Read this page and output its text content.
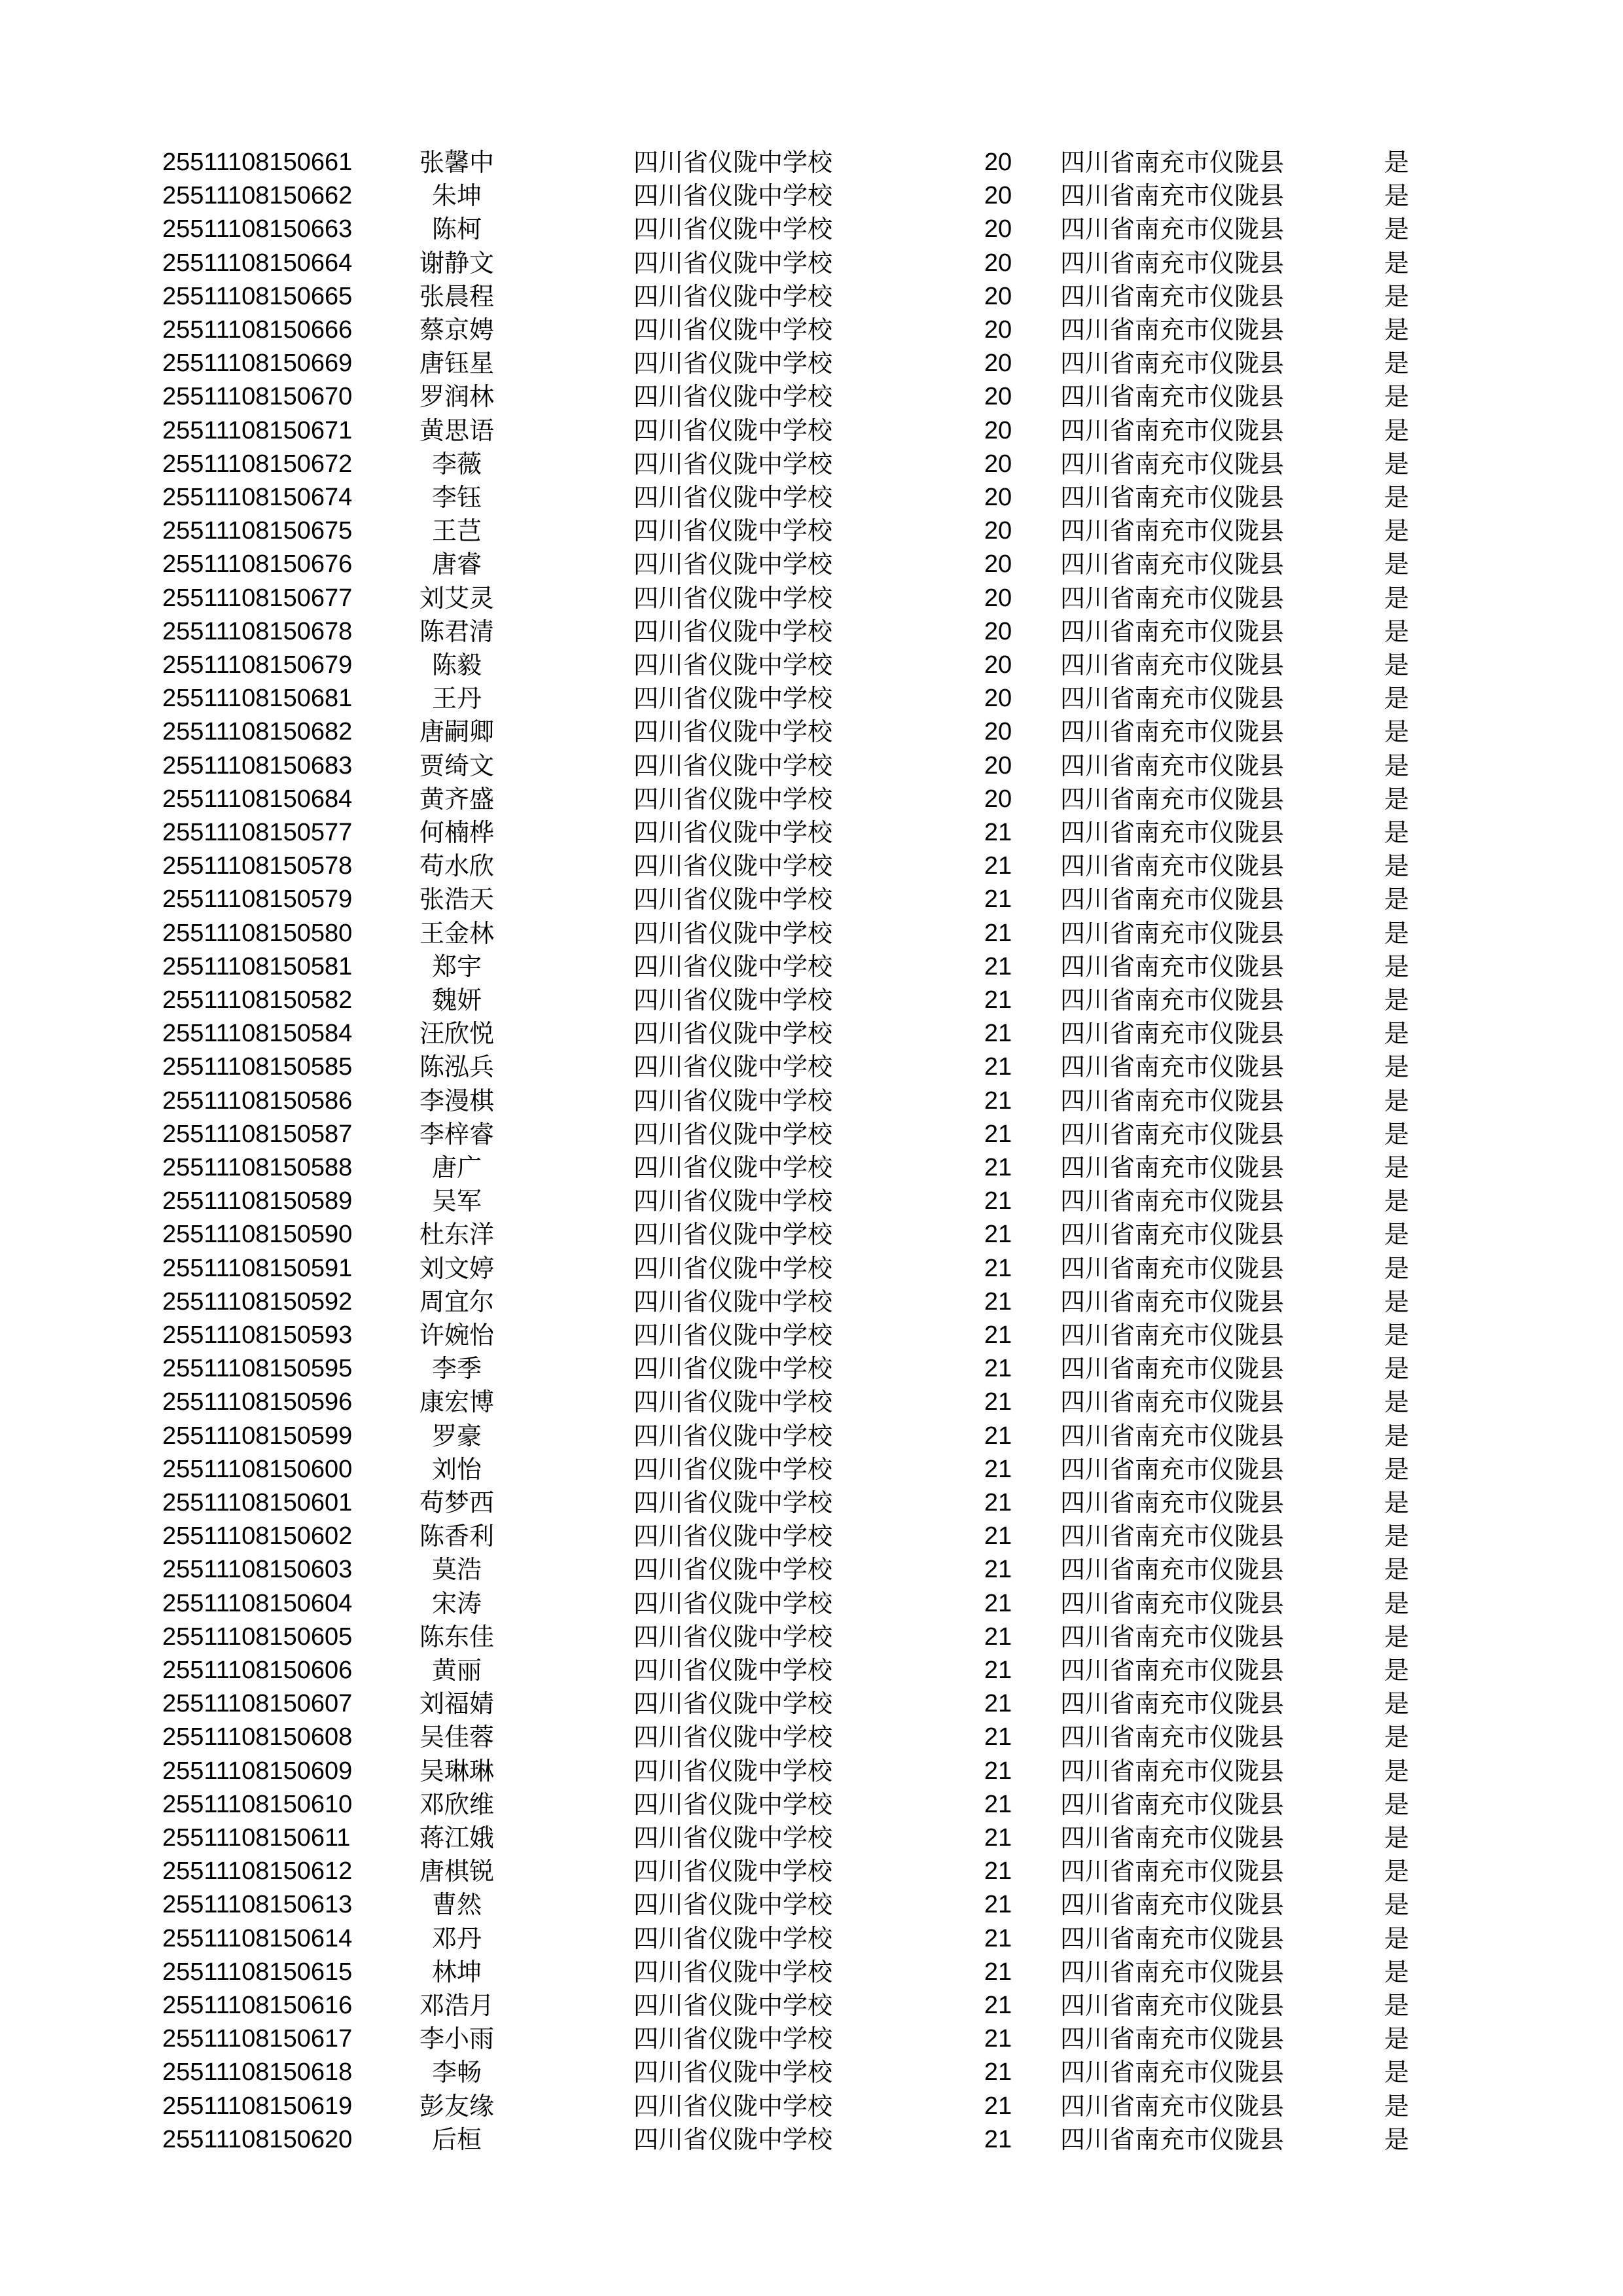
25511108150661	张馨中	四川省仪陇中学校	20	四川省南充市仪陇县	是
25511108150662	朱坤	四川省仪陇中学校	20	四川省南充市仪陇县	是
25511108150663	陈柯	四川省仪陇中学校	20	四川省南充市仪陇县	是
25511108150664	谢静文	四川省仪陇中学校	20	四川省南充市仪陇县	是
25511108150665	张晨程	四川省仪陇中学校	20	四川省南充市仪陇县	是
25511108150666	蔡京娉	四川省仪陇中学校	20	四川省南充市仪陇县	是
25511108150669	唐钰星	四川省仪陇中学校	20	四川省南充市仪陇县	是
25511108150670	罗润林	四川省仪陇中学校	20	四川省南充市仪陇县	是
25511108150671	黄思语	四川省仪陇中学校	20	四川省南充市仪陇县	是
25511108150672	李薇	四川省仪陇中学校	20	四川省南充市仪陇县	是
25511108150674	李钰	四川省仪陇中学校	20	四川省南充市仪陇县	是
25511108150675	王芑	四川省仪陇中学校	20	四川省南充市仪陇县	是
25511108150676	唐睿	四川省仪陇中学校	20	四川省南充市仪陇县	是
25511108150677	刘艾灵	四川省仪陇中学校	20	四川省南充市仪陇县	是
25511108150678	陈君清	四川省仪陇中学校	20	四川省南充市仪陇县	是
25511108150679	陈毅	四川省仪陇中学校	20	四川省南充市仪陇县	是
25511108150681	王丹	四川省仪陇中学校	20	四川省南充市仪陇县	是
25511108150682	唐嗣卿	四川省仪陇中学校	20	四川省南充市仪陇县	是
25511108150683	贾绮文	四川省仪陇中学校	20	四川省南充市仪陇县	是
25511108150684	黄齐盛	四川省仪陇中学校	20	四川省南充市仪陇县	是
25511108150577	何楠桦	四川省仪陇中学校	21	四川省南充市仪陇县	是
25511108150578	苟水欣	四川省仪陇中学校	21	四川省南充市仪陇县	是
25511108150579	张浩天	四川省仪陇中学校	21	四川省南充市仪陇县	是
25511108150580	王金林	四川省仪陇中学校	21	四川省南充市仪陇县	是
25511108150581	郑宇	四川省仪陇中学校	21	四川省南充市仪陇县	是
25511108150582	魏妍	四川省仪陇中学校	21	四川省南充市仪陇县	是
25511108150584	汪欣悦	四川省仪陇中学校	21	四川省南充市仪陇县	是
25511108150585	陈泓兵	四川省仪陇中学校	21	四川省南充市仪陇县	是
25511108150586	李漫棋	四川省仪陇中学校	21	四川省南充市仪陇县	是
25511108150587	李梓睿	四川省仪陇中学校	21	四川省南充市仪陇县	是
25511108150588	唐广	四川省仪陇中学校	21	四川省南充市仪陇县	是
25511108150589	吴军	四川省仪陇中学校	21	四川省南充市仪陇县	是
25511108150590	杜东洋	四川省仪陇中学校	21	四川省南充市仪陇县	是
25511108150591	刘文婷	四川省仪陇中学校	21	四川省南充市仪陇县	是
25511108150592	周宜尔	四川省仪陇中学校	21	四川省南充市仪陇县	是
25511108150593	许婉怡	四川省仪陇中学校	21	四川省南充市仪陇县	是
25511108150595	李季	四川省仪陇中学校	21	四川省南充市仪陇县	是
25511108150596	康宏博	四川省仪陇中学校	21	四川省南充市仪陇县	是
25511108150599	罗豪	四川省仪陇中学校	21	四川省南充市仪陇县	是
25511108150600	刘怡	四川省仪陇中学校	21	四川省南充市仪陇县	是
25511108150601	苟梦西	四川省仪陇中学校	21	四川省南充市仪陇县	是
25511108150602	陈香利	四川省仪陇中学校	21	四川省南充市仪陇县	是
25511108150603	莫浩	四川省仪陇中学校	21	四川省南充市仪陇县	是
25511108150604	宋涛	四川省仪陇中学校	21	四川省南充市仪陇县	是
25511108150605	陈东佳	四川省仪陇中学校	21	四川省南充市仪陇县	是
25511108150606	黄丽	四川省仪陇中学校	21	四川省南充市仪陇县	是
25511108150607	刘福婧	四川省仪陇中学校	21	四川省南充市仪陇县	是
25511108150608	吴佳蓉	四川省仪陇中学校	21	四川省南充市仪陇县	是
25511108150609	吴琳琳	四川省仪陇中学校	21	四川省南充市仪陇县	是
25511108150610	邓欣维	四川省仪陇中学校	21	四川省南充市仪陇县	是
25511108150611	蒋江娥	四川省仪陇中学校	21	四川省南充市仪陇县	是
25511108150612	唐棋锐	四川省仪陇中学校	21	四川省南充市仪陇县	是
25511108150613	曹然	四川省仪陇中学校	21	四川省南充市仪陇县	是
25511108150614	邓丹	四川省仪陇中学校	21	四川省南充市仪陇县	是
25511108150615	林坤	四川省仪陇中学校	21	四川省南充市仪陇县	是
25511108150616	邓浩月	四川省仪陇中学校	21	四川省南充市仪陇县	是
25511108150617	李小雨	四川省仪陇中学校	21	四川省南充市仪陇县	是
25511108150618	李畅	四川省仪陇中学校	21	四川省南充市仪陇县	是
25511108150619	彭友缘	四川省仪陇中学校	21	四川省南充市仪陇县	是
25511108150620	后桓	四川省仪陇中学校	21	四川省南充市仪陇县	是
